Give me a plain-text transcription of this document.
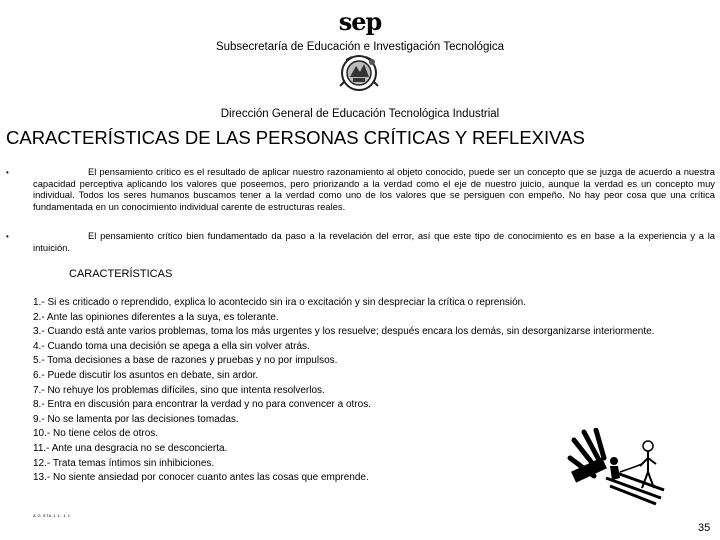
sep
Subsecretaría de Educación e Investigación Tecnológica
Dirección General de Educación Tecnológica Industrial
CARACTERÍSTICAS DE LAS PERSONAS CRÍTICAS Y REFLEXIVAS
•	El pensamiento crítico es el resultado de aplicar nuestro razonamiento al objeto conocido, puede ser un concepto que se juzga de acuerdo a nuestra capacidad perceptiva aplicando los valores que poseemos, pero priorizando a la verdad como el eje de nuestro juicio, aunque la verdad es un concepto muy individual. Todos los seres humanos buscamos tener a la verdad como uno de los valores que se persiguen con empeño. No hay peor cosa que una crítica fundamentada en un conocimiento individual carente de estructuras reales.

•	El pensamiento crítico bien fundamentado da paso a la revelación del error, así que este tipo de conocimiento es en base a la experiencia y a la intuición.

CARACTERÍSTICAS
1.- Si es criticado o reprendido, explica lo acontecido sin ira o excitación y sin despreciar la crítica o reprensión.
2.- Ante las opiniones diferentes a la suya, es tolerante.
3.- Cuando está ante varios problemas, toma los más urgentes y los resuelve; después encara los demás, sin desorganizarse interiormente.
4.- Cuando toma una decisión se apega a ella sin volver atrás.
5.- Toma decisiones a base de razones y pruebas y no por impulsos.
6.- Puede discutir los asuntos en debate, sin ardor.
7.- No rehuye los problemas difíciles, sino que intenta resolverlos.
8.- Entra en discusión para encontrar la verdad y no para convencer a otros.
9.- No se lamenta por las decisiones tomadas.
10.- No tiene celos de otros.
11.- Ante una desgracia no se desconcierta.
12.- Trata temas íntimos sin inhibiciones.
13.- No siente ansiedad por conocer cuanto antes las cosas que emprende.
A G STA 1 1. 1 1
35
